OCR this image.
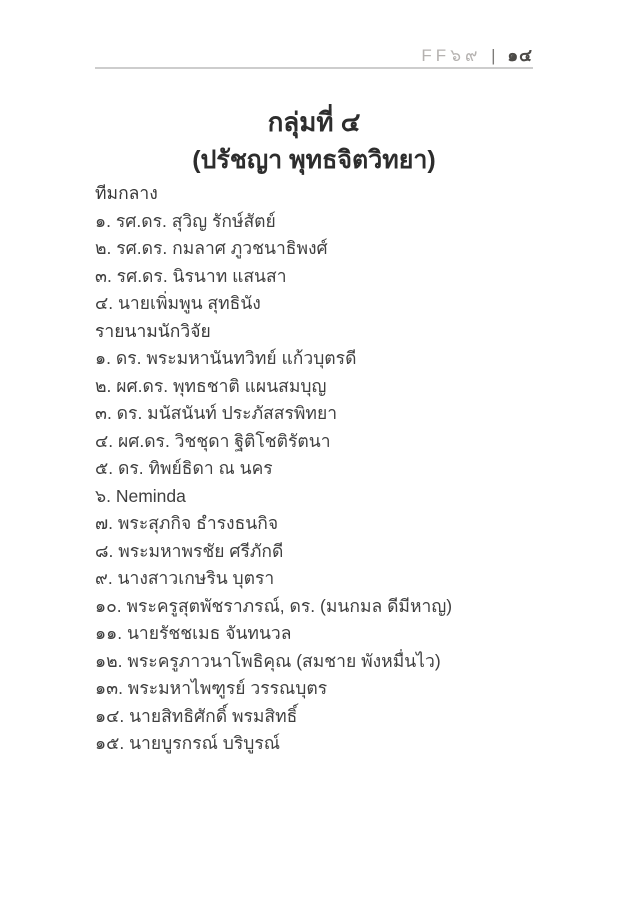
FF๖๙ | ๑๔
กลุ่มที่ ๔
(ปรัชญา พุทธจิตวิทยา)
ทีมกลาง
๑. รศ.ดร. สุวิญ รักษ์สัตย์
๒. รศ.ดร. กมลาศ ภูวชนาธิพงศ์
๓. รศ.ดร. นิรนาท แสนสา
๔. นายเพิ่มพูน สุทธินัง
รายนามนักวิจัย
๑. ดร. พระมหานันทวิทย์ แก้วบุตรดี
๒. ผศ.ดร. พุทธชาติ แผนสมบุญ
๓. ดร. มนัสนันท์ ประภัสสรพิทยา
๔. ผศ.ดร. วิชชุดา ฐิติโชติรัตนา
๕. ดร. ทิพย์ธิดา ณ นคร
๖. Neminda
๗. พระสุภกิจ ธำรงธนกิจ
๘. พระมหาพรชัย ศรีภักดี
๙. นางสาวเกษริน บุตรา
๑๐. พระครูสุตพัชราภรณ์, ดร. (มนกมล ดีมีหาญ)
๑๑. นายรัชชเมธ จันทนวล
๑๒. พระครูภาวนาโพธิคุณ (สมชาย พังหมื่นไว)
๑๓. พระมหาไพฑูรย์ วรรณบุตร
๑๔. นายสิทธิศักดิ์ พรมสิทธิ์
๑๕. นายบูรกรณ์ บริบูรณ์
